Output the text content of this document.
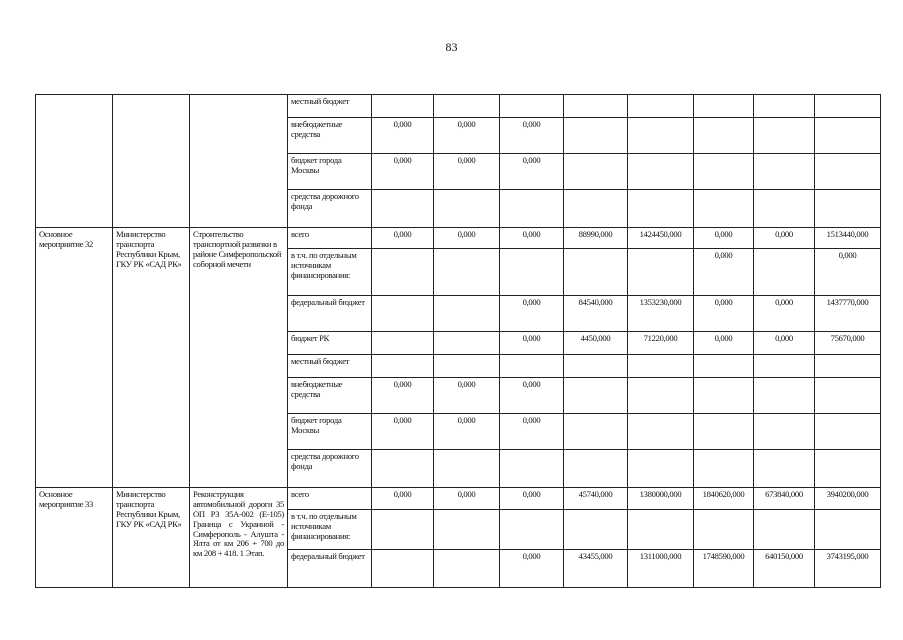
83
			местный бюджет								
			внебюджетные средства	0,000	0,000	0,000					
			бюджет города Москвы	0,000	0,000	0,000					
			средства дорожного фонда								
Основное мероприятие 32	Министерство транспорта Республики Крым, ГКУ РК «САД РК»	Строительство транспортной развязки в районе Симферопольской соборной мечети	всего	0,000	0,000	0,000	88990,000	1424450,000	0,000	0,000	1513440,000
			в т.ч. по отдельным источникам финансирования:						0,000		0,000
			федеральный бюджет			0,000	84540,000	1353230,000	0,000	0,000	1437770,000
			бюджет РК			0,000	4450,000	71220,000	0,000	0,000	75670,000
			местный бюджет								
			внебюджетные средства	0,000	0,000	0,000					
			бюджет города Москвы	0,000	0,000	0,000					
			средства дорожного фонда								
Основное мероприятие 33	Министерство транспорта Республики Крым, ГКУ РК «САД РК»	Реконструкция автомобильной дороги 35 ОП РЗ 35А-002 (Е-105) Граница с Украиной - Симферополь - Алушта - Ялта от км 206 + 700 до км 208 + 418. 1 Этап.	всего	0,000	0,000	0,000	45740,000	1380000,000	1840620,000	673840,000	3940200,000
			в т.ч. по отдельным источникам финансирования:								
			федеральный бюджет			0,000	43455,000	1311000,000	1748590,000	640150,000	3743195,000
